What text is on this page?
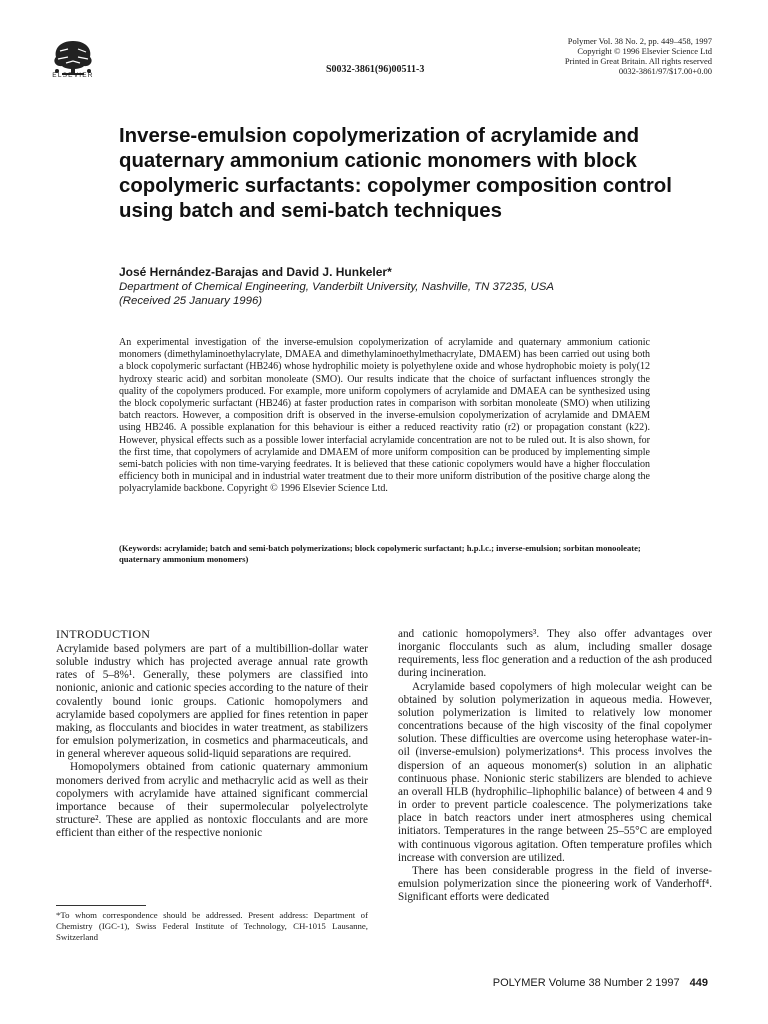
ELSEVIER
S0032-3861(96)00511-3
Polymer Vol. 38 No. 2, pp. 449–458, 1997
Copyright © 1996 Elsevier Science Ltd
Printed in Great Britain. All rights reserved
0032-3861/97/$17.00+0.00
Inverse-emulsion copolymerization of acrylamide and quaternary ammonium cationic monomers with block copolymeric surfactants: copolymer composition control using batch and semi-batch techniques
José Hernández-Barajas and David J. Hunkeler*
Department of Chemical Engineering, Vanderbilt University, Nashville, TN 37235, USA
(Received 25 January 1996)

An experimental investigation of the inverse-emulsion copolymerization of acrylamide and quaternary ammonium cationic monomers (dimethylaminoethylacrylate, DMAEA and dimethylaminoethylmethacrylate, DMAEM) has been carried out using both a block copolymeric surfactant (HB246) whose hydrophilic moiety is polyethylene oxide and whose hydrophobic moiety is poly(12 hydroxy stearic acid) and sorbitan monoleate (SMO). Our results indicate that the choice of surfactant influences strongly the quality of the copolymers produced. For example, more uniform copolymers of acrylamide and DMAEA can be synthesized using the block copolymeric surfactant (HB246) at faster production rates in comparison with sorbitan monoleate (SMO) when utilizing batch reactors. However, a composition drift is observed in the inverse-emulsion copolymerization of acrylamide and DMAEM using HB246. A possible explanation for this behaviour is either a reduced reactivity ratio (r2) or propagation constant (k22). However, physical effects such as a possible lower interfacial acrylamide concentration are not to be ruled out. It is also shown, for the first time, that copolymers of acrylamide and DMAEM of more uniform composition can be produced by implementing simple semi-batch policies with non time-varying feedrates. It is believed that these cationic copolymers would have a higher flocculation efficiency both in municipal and in industrial water treatment due to their more uniform distribution of the positive charge along the polyacrylamide backbone. Copyright © 1996 Elsevier Science Ltd.

(Keywords: acrylamide; batch and semi-batch polymerizations; block copolymeric surfactant; h.p.l.c.; inverse-emulsion; sorbitan monooleate; quaternary ammonium monomers)

INTRODUCTION

Acrylamide based polymers are part of a multibillion-dollar water soluble industry which has projected average annual rate growth rates of 5–8%¹. Generally, these polymers are classified into nonionic, anionic and cationic species according to the nature of their covalently bound ionic groups. Cationic homopolymers and acrylamide based copolymers are applied for fines retention in paper making, as flocculants and biocides in water treatment, as stabilizers for emulsion polymerization, in cosmetics and pharmaceuticals, and in general wherever aqueous solid-liquid separations are required.

Homopolymers obtained from cationic quaternary ammonium monomers derived from acrylic and methacrylic acid as well as their copolymers with acrylamide have attained significant commercial importance because of their supermolecular polyelectrolyte structure². These are applied as nontoxic flocculants and are more efficient than either of the respective nonionic

and cationic homopolymers³. They also offer advantages over inorganic flocculants such as alum, including smaller dosage requirements, less floc generation and a reduction of the ash produced during incineration.

Acrylamide based copolymers of high molecular weight can be obtained by solution polymerization in aqueous media. However, solution polymerization is limited to relatively low monomer concentrations because of the high viscosity of the final copolymer solution. These difficulties are overcome using heterophase water-in-oil (inverse-emulsion) polymerizations⁴. This process involves the dispersion of an aqueous monomer(s) solution in an aliphatic continuous phase. Nonionic steric stabilizers are blended to achieve an overall HLB (hydrophilic–liphophilic balance) of between 4 and 9 in order to prevent particle coalescence. The polymerizations take place in batch reactors under inert atmospheres using chemical initiators. Temperatures in the range between 25–55°C are employed with continuous vigorous agitation. Often temperature profiles which increase with conversion are utilized.

There has been considerable progress in the field of inverse-emulsion polymerization since the pioneering work of Vanderhoff⁴. Significant efforts were dedicated

*To whom correspondence should be addressed. Present address: Department of Chemistry (IGC-1), Swiss Federal Institute of Technology, CH-1015 Lausanne, Switzerland
POLYMER Volume 38 Number 2 1997 449
